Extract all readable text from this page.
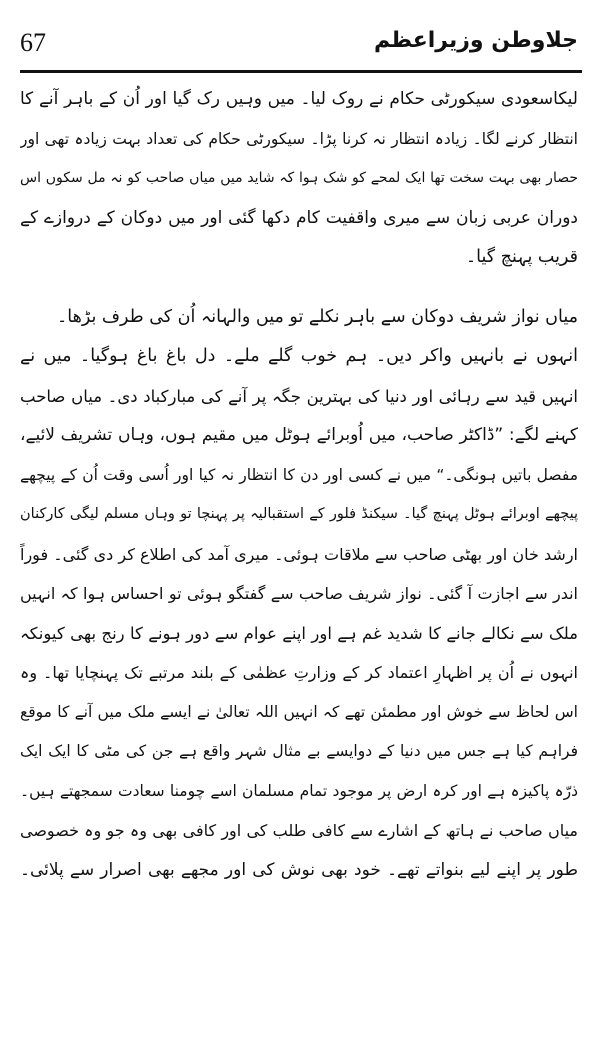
67	جلاوطن وزیراعظم
لیکاسعودی سیکورٹی حکام نے روک لیا۔ میں وہیں رک گیا اور اُن کے باہر آنے کا
انتظار کرنے لگا۔ زیادہ انتظار نہ کرنا پڑا۔ سیکورٹی حکام کی تعداد بہت زیادہ تھی اور
حصار بھی بہت سخت تھا ایک لمحے کو شک ہوا کہ شاید میں میاں صاحب کو نہ مل سکوں اس
دوران عربی زبان سے میری واقفیت کام دکھا گئی اور میں دوکان کے دروازے کے
قریب پہنچ گیا۔
میاں نواز شریف دوکان سے باہر نکلے تو میں والہانہ اُن کی طرف بڑھا۔
انہوں نے بانہیں واکر دیں۔ ہم خوب گلے ملے۔ دل باغ باغ ہوگیا۔ میں نے
انہیں قید سے رہائی اور دنیا کی بہترین جگہ پر آنے کی مبارکباد دی۔ میاں صاحب
کہنے لگے: ”ڈاکٹر صاحب، میں اُوبرائے ہوٹل میں مقیم ہوں، وہاں تشریف لائیے،
مفصل باتیں ہونگی۔“ میں نے کسی اور دن کا انتظار نہ کیا اور اُسی وقت اُن کے پیچھے
پیچھے اوبرائے ہوٹل پہنچ گیا۔ سیکنڈ فلور کے استقبالیہ پر پہنچا تو وہاں مسلم لیگی کارکنان
ارشد خان اور بھٹی صاحب سے ملاقات ہوئی۔ میری آمد کی اطلاع کر دی گئی۔ فوراً
اندر سے اجازت آ گئی۔ نواز شریف صاحب سے گفتگو ہوئی تو احساس ہوا کہ انہیں
ملک سے نکالے جانے کا شدید غم ہے اور اپنے عوام سے دور ہونے کا رنج بھی کیونکہ
انہوں نے اُن پر اظہارِ اعتماد کر کے وزارتِ عظمٰی کے بلند مرتبے تک پہنچایا تھا۔ وہ
اس لحاظ سے خوش اور مطمئن تھے کہ انہیں اللہ تعالیٰ نے ایسے ملک میں آنے کا موقع
فراہم کیا ہے جس میں دنیا کے دوایسے بے مثال شہر واقع ہے جن کی مٹی کا ایک ایک
ذرّہ پاکیزہ ہے اور کرہ ارض پر موجود تمام مسلمان اسے چومنا سعادت سمجھتے ہیں۔
میاں صاحب نے ہاتھ کے اشارے سے کافی طلب کی اور کافی بھی وہ جو وہ خصوصی
طور پر اپنے لیے بنواتے تھے۔ خود بھی نوش کی اور مجھے بھی اصرار سے پلائی۔
